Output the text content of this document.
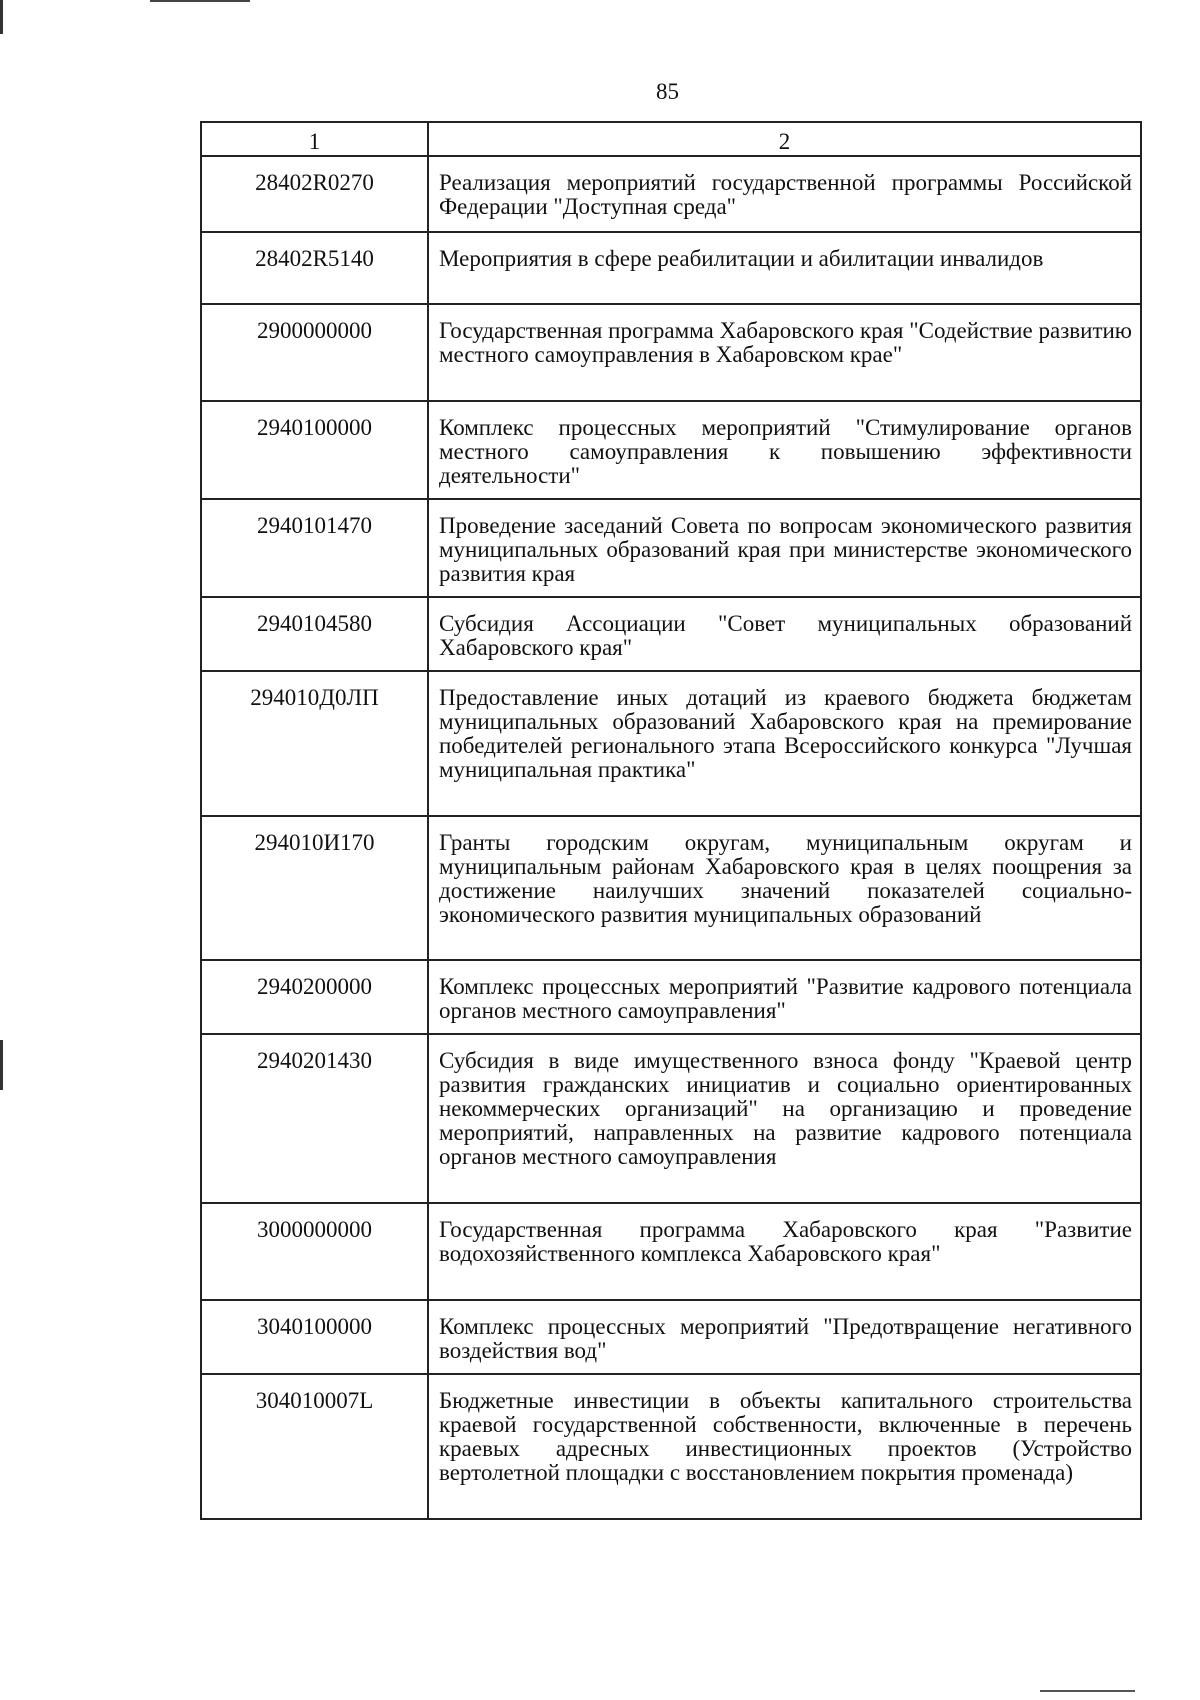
85
1	2
28402R0270	Реализация мероприятий государственной программы Российской Федерации "Доступная среда"
28402R5140	Мероприятия в сфере реабилитации и абилитации инвалидов
2900000000	Государственная программа Хабаровского края "Содействие развитию местного самоуправления в Хабаровском крае"
2940100000	Комплекс процессных мероприятий "Стимулирование органов местного самоуправления к повышению эффективности деятельности"
2940101470	Проведение заседаний Совета по вопросам экономического развития муниципальных образований края при министерстве экономического развития края
2940104580	Субсидия Ассоциации "Совет муниципальных образований Хабаровского края"
294010Д0ЛП	Предоставление иных дотаций из краевого бюджета бюджетам муниципальных образований Хабаровского края на премирование победителей регионального этапа Всероссийского конкурса "Лучшая муниципальная практика"
294010И170	Гранты городским округам, муниципальным округам и муниципальным районам Хабаровского края в целях поощрения за достижение наилучших значений показателей социально-экономического развития муниципальных образований
2940200000	Комплекс процессных мероприятий "Развитие кадрового потенциала органов местного самоуправления"
2940201430	Субсидия в виде имущественного взноса фонду "Краевой центр развития гражданских инициатив и социально ориентированных некоммерческих организаций" на организацию и проведение мероприятий, направленных на развитие кадрового потенциала органов местного самоуправления
3000000000	Государственная программа Хабаровского края "Развитие водохозяйственного комплекса Хабаровского края"
3040100000	Комплекс процессных мероприятий "Предотвращение негативного воздействия вод"
304010007L	Бюджетные инвестиции в объекты капитального строительства краевой государственной собственности, включенные в перечень краевых адресных инвестиционных проектов (Устройство вертолетной площадки с восстановлением покрытия променада)
